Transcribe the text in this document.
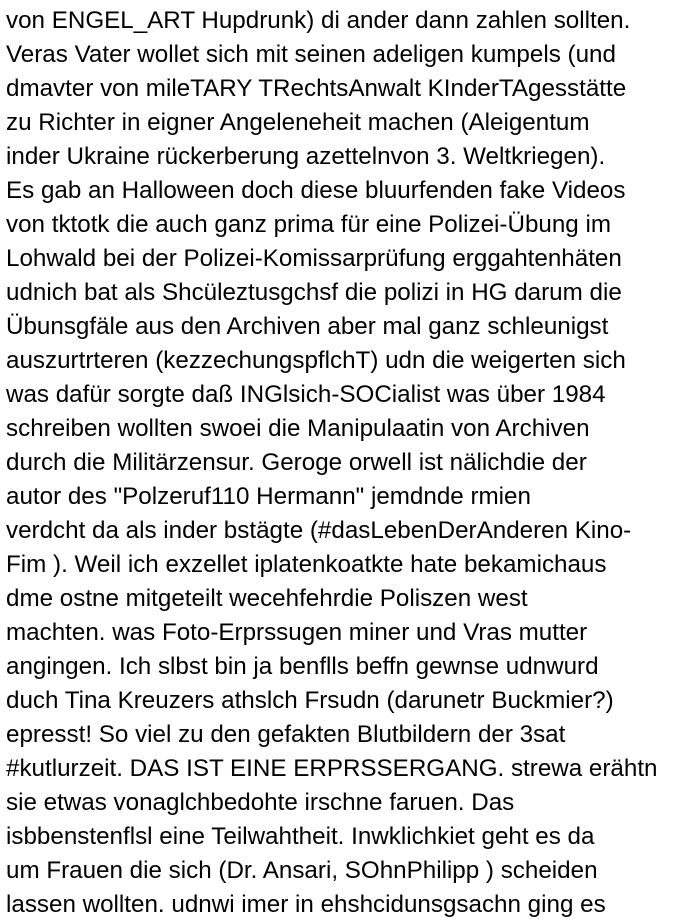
von ENGEL_ART Hupdrunk) di ander dann zahlen sollten.
Veras Vater wollet sich mit seinen adeligen kumpels (und
dmavter von mileTARY TRechtsAnwalt KInderTAgesstätte
zu Richter in eigner Angeleneheit machen (Aleigentum
inder Ukraine rückerberung azettelnvon 3. Weltkriegen).
Es gab an Halloween doch diese bluurfenden fake Videos
von tktotk die auch ganz prima für eine Polizei-Übung im
Lohwald bei der Polizei-Komissarprüfung erggahtenhäten
udnich bat als Shcüleztusgchsf die polizi in HG darum die
Übunsgfäle aus den Archiven aber mal ganz schleunigst
auszurtrteren (kezzechungspflchT) udn die weigerten sich
was dafür sorgte daß INGlsich-SOCialist was über 1984
schreiben wollten swoei die Manipulaatin von Archiven
durch die Militärzensur. Geroge orwell ist nälichdie der
autor des "Polzeruf110 Hermann" jemdnde rmien
verdcht da als inder bstägte (#dasLebenDerAnderen Kino-
Fim ). Weil ich exzellet iplatenkoatkte hate bekamichaus
dme ostne mitgeteilt wecehfehrdie Poliszen west
machten. was Foto-Erprssugen miner und Vras mutter
angingen. Ich slbst bin ja benflls beffn gewnse udnwurd
duch Tina Kreuzers athslch Frsudn (darunetr Buckmier?)
epresst! So viel zu den gefakten Blutbildern der 3sat
#kutlurzeit. DAS IST EINE ERPRSSERGANG. strewa erähtn
sie etwas vonaglchbedohte irschne faruen. Das
isbbenstenflsl eine Teilwahtheit. Inwklichkiet geht es da
um Frauen die sich (Dr. Ansari, SOhnPhilipp ) scheiden
lassen wollten. udnwi imer in ehshcidunsgsachn ging es
